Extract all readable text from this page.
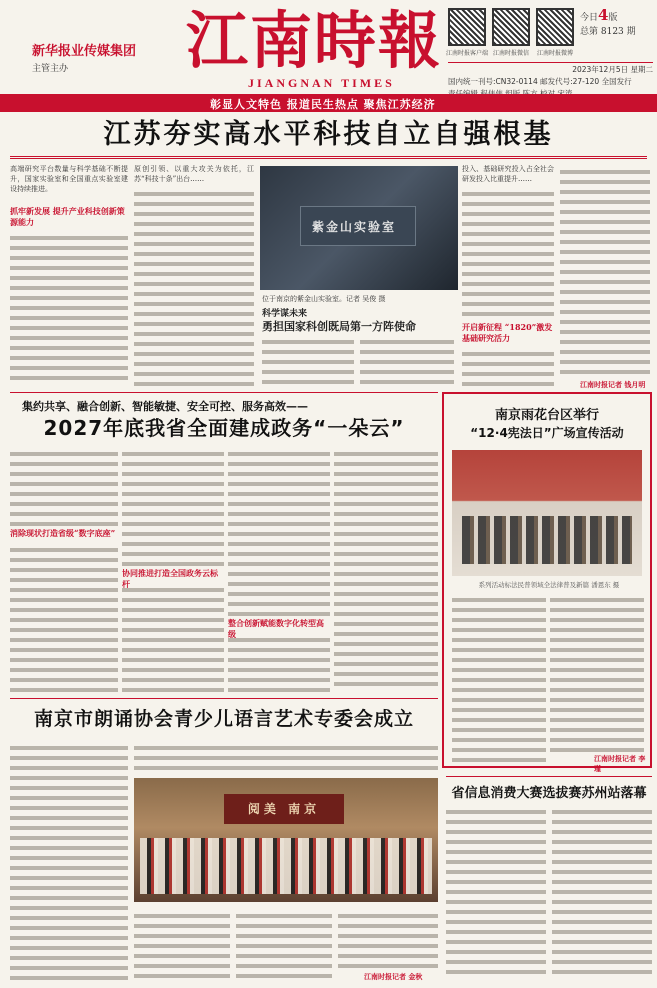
新华报业传媒集团
主管主办	江南時報
JIANGNAN TIMES
江南时报客户端 江南时报微信	江南时报微博
今日4版
总第 8123 期
2023年12月5日 星期二
国内统一刊号:CN32-0114 邮发代号:27-120 全国发行
彰显人文特色 报道民生热点 聚焦江苏经济
江苏夯实高水平科技自立自强根基
高端研究平台数量与科学基础不断提升，国家实验室和全国重点实验室建设持续推进。
抓牢新发展 提升产业科技创新策源能力
原创引领、以重大攻关为依托，江苏“科技十条”出台……
紫金山实验室
位于南京的紫金山实验室。记者 吴俊 摄
科学谋未来
勇担国家科创既局第一方阵使命
投入、基础研究投入占全社会研发投入比重提升……
开启新征程 “1820”激发基础研究活力
江南时报记者 钱月明
集约共享、融合创新、智能敏捷、安全可控、服务高效——
2027年底我省全面建成政务“一朵云”
消除现状打造省级“数字底座”
协同推进打造全国政务云标杆
整合创新赋能数字化转型高级
南京雨花台区举行
“12·4宪法日”广场宣传活动
系列活动标法民普领域全法律普及新篇 潘恩东 摄
江南时报记者 李瑾
南京市朗诵协会青少儿语言艺术专委会成立
阅美 南京
江南时报记者 金秋
省信息消费大赛选拔赛苏州站落幕
